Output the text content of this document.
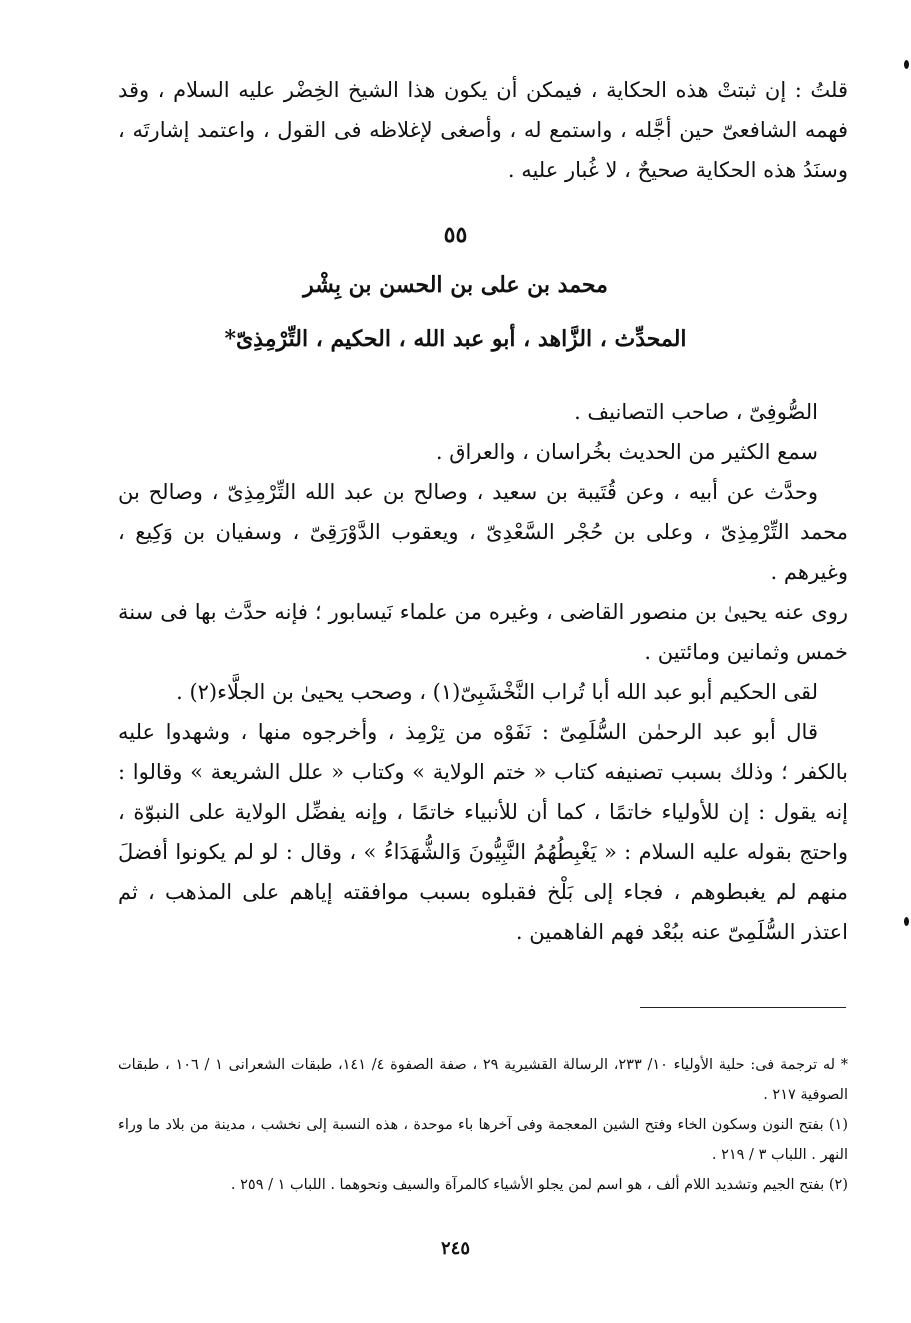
قلتُ : إن ثبتتْ هذه الحكاية ، فيمكن أن يكون هذا الشيخ الخِضْر عليه السلام ، وقد فهمه الشافعىّ حين أجَّله ، واستمع له ، وأصغى لإغلاظه فى القول ، واعتمد إشارتَه ، وسنَدُ هذه الحكاية صحيحٌ ، لا غُبار عليه .

٥٥

محمد بن على بن الحسن بن بِشْر

المحدِّث ، الزَّاهد ، أبو عبد الله ، الحكيم ، التِّرْمِذِىّ*

الصُّوفِىّ ، صاحب التصانيف .

سمع الكثير من الحديث بخُراسان ، والعراق .

وحدَّث عن أبيه ، وعن قُتَيبة بن سعيد ، وصالح بن عبد الله التِّرْمِذِىّ ، وصالح بن محمد التِّرْمِذِىّ ، وعلى بن حُجْر السَّعْدِىّ ، ويعقوب الدَّوْرَقِىّ ، وسفيان بن وَكِيع ، وغيرهم .

روى عنه يحيىٰ بن منصور القاضى ، وغيره من علماء نَيسابور ؛ فإنه حدَّث بها فى سنة خمس وثمانين ومائتين .

لقى الحكيم أبو عبد الله أبا تُراب النَّخْشَبِىّ(١) ، وصحب يحيىٰ بن الجلَّاء(٢) .

قال أبو عبد الرحمٰن السُّلَمِىّ : نَفَوْه من تِرْمِذ ، وأخرجوه منها ، وشهدوا عليه بالكفر ؛ وذلك بسبب تصنيفه كتاب « ختم الولاية » وكتاب « علل الشريعة » وقالوا : إنه يقول : إن للأولياء خاتمًا ، كما أن للأنبياء خاتمًا ، وإنه يفضِّل الولاية على النبوّة ، واحتج بقوله عليه السلام : « يَغْبِطُهُمُ النَّبِيُّونَ وَالشُّهَدَاءُ » ، وقال : لو لم يكونوا أفضلَ منهم لم يغبطوهم ، فجاء إلى بَلْخ فقبلوه بسبب موافقته إياهم على المذهب ، ثم اعتذر السُّلَمِىّ عنه ببُعْد فهم الفاهمين .

* له ترجمة فى: حلية الأولياء ١٠/ ٢٣٣، الرسالة القشيرية ٢٩ ، صفة الصفوة ٤/ ١٤١، طبقات الشعرانى ١ / ١٠٦ ، طبقات الصوفية ٢١٧ .

(١) بفتح النون وسكون الخاء وفتح الشين المعجمة وفى آخرها باء موحدة ، هذه النسبة إلى نخشب ، مدينة من بلاد ما وراء النهر . اللباب ٣ / ٢١٩ .

(٢) بفتح الجيم وتشديد اللام ألف ، هو اسم لمن يجلو الأشياء كالمرآة والسيف ونحوهما . اللباب ١ / ٢٥٩ .

٢٤٥
